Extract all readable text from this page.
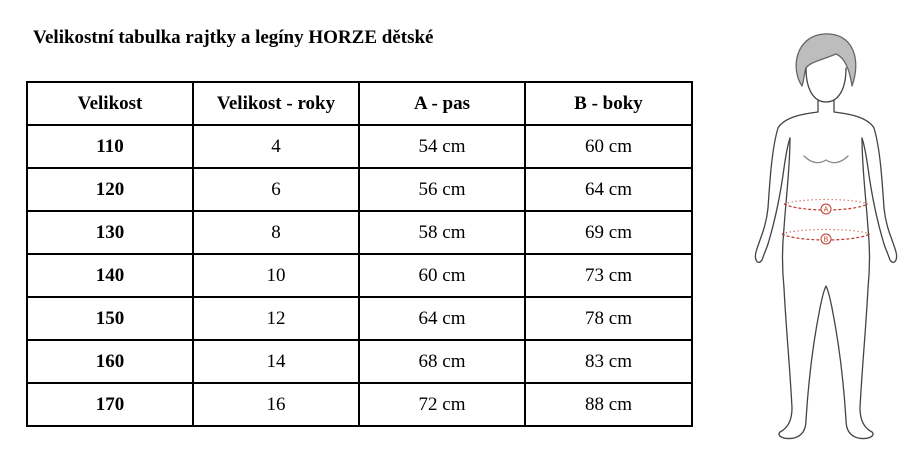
Velikostní tabulka rajtky a legíny HORZE dětské
Velikost	Velikost - roky	A - pas	B - boky
110	4	54 cm	60 cm
120	6	56 cm	64 cm
130	8	58 cm	69 cm
140	10	60 cm	73 cm
150	12	64 cm	78 cm
160	14	68 cm	83 cm
170	16	72 cm	88 cm
A
B
